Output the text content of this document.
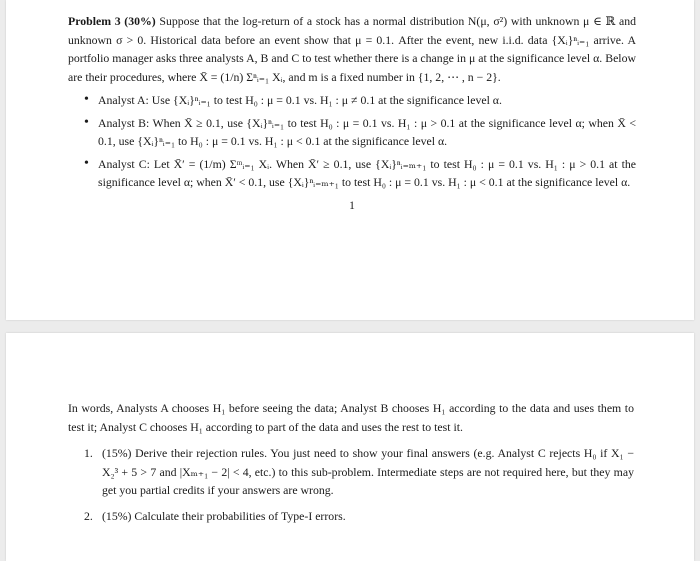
Problem 3 (30%) Suppose that the log-return of a stock has a normal distribution N(μ, σ²) with unknown μ ∈ ℝ and unknown σ > 0. Historical data before an event show that μ = 0.1. After the event, new i.i.d. data {Xᵢ}ⁿᵢ₌₁ arrive. A portfolio manager asks three analysts A, B and C to test whether there is a change in μ at the significance level α. Below are their procedures, where X̄ = (1/n) Σⁿᵢ₌₁ Xᵢ, and m is a fixed number in {1, 2, ⋯ , n − 2}.

• Analyst A: Use {Xᵢ}ⁿᵢ₌₁ to test H₀ : μ = 0.1 vs. H₁ : μ ≠ 0.1 at the significance level α.
• Analyst B: When X̄ ≥ 0.1, use {Xᵢ}ⁿᵢ₌₁ to test H₀ : μ = 0.1 vs. H₁ : μ > 0.1 at the significance level α; when X̄ < 0.1, use {Xᵢ}ⁿᵢ₌₁ to H₀ : μ = 0.1 vs. H₁ : μ < 0.1 at the significance level α.
• Analyst C: Let X̄′ = (1/m) Σᵐᵢ₌₁ Xᵢ. When X̄′ ≥ 0.1, use {Xᵢ}ⁿᵢ₌ₘ₊₁ to test H₀ : μ = 0.1 vs. H₁ : μ > 0.1 at the significance level α; when X̄′ < 0.1, use {Xᵢ}ⁿᵢ₌ₘ₊₁ to test H₀ : μ = 0.1 vs. H₁ : μ < 0.1 at the significance level α.
1

In words, Analysts A chooses H₁ before seeing the data; Analyst B chooses H₁ according to the data and uses them to test it; Analyst C chooses H₁ according to part of the data and uses the rest to test it.

1. (15%) Derive their rejection rules. You just need to show your final answers (e.g. Analyst C rejects H₀ if X₁ − X₂³ + 5 > 7 and |Xₘ₊₁ − 2| < 4, etc.) to this sub-problem. Intermediate steps are not required here, but they may get you partial credits if your answers are wrong.
2. (15%) Calculate their probabilities of Type-I errors.
